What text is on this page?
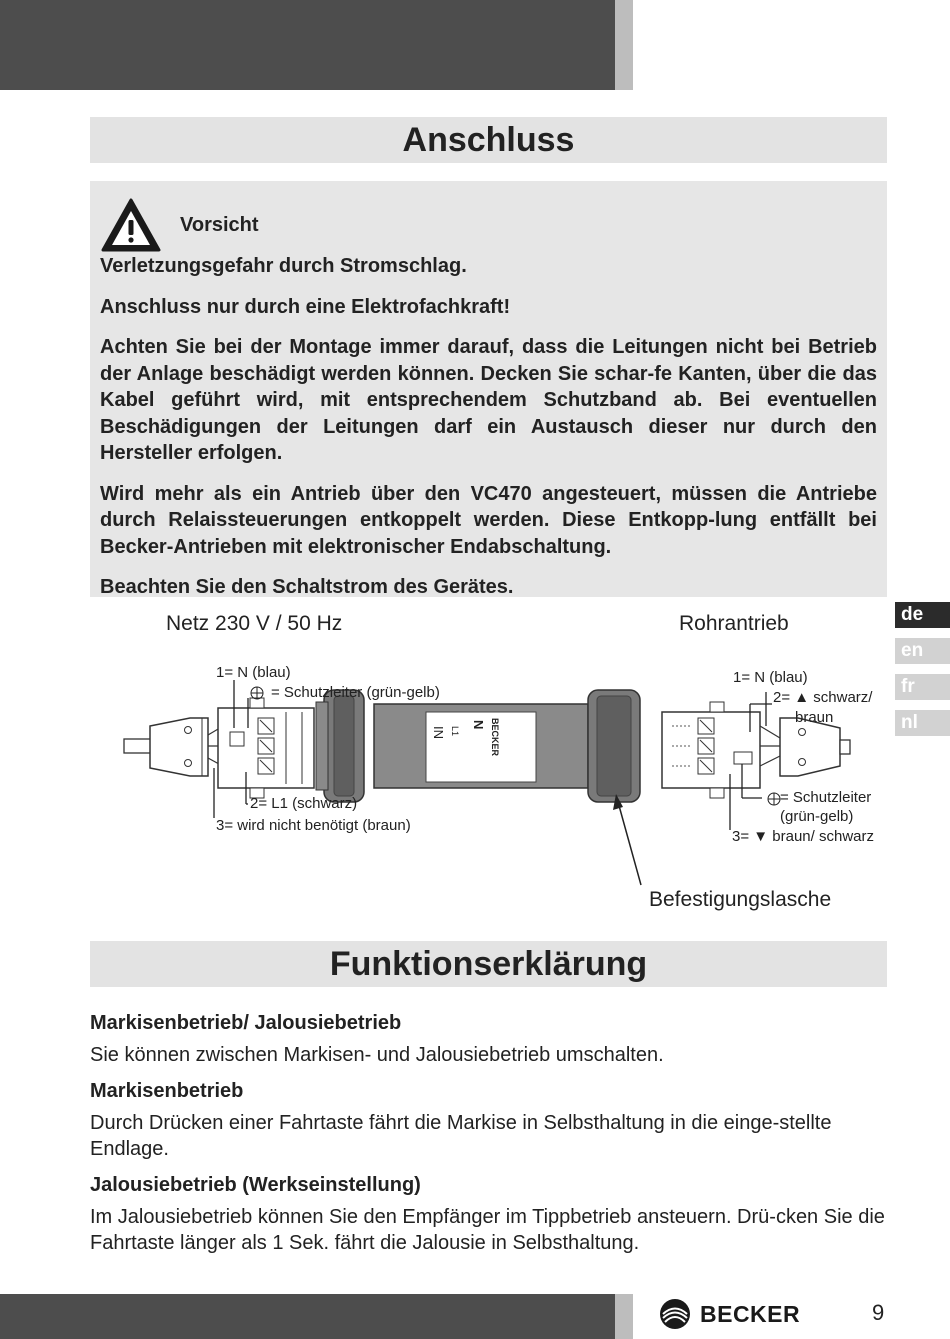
Anschluss
Vorsicht

Verletzungsgefahr durch Stromschlag.

Anschluss nur durch eine Elektrofachkraft!

Achten Sie bei der Montage immer darauf, dass die Leitungen nicht bei Betrieb der Anlage beschädigt werden können. Decken Sie schar-fe Kanten, über die das Kabel geführt wird, mit entsprechendem Schutzband ab. Bei eventuellen Beschädigungen der Leitungen darf ein Austausch dieser nur durch den Hersteller erfolgen.

Wird mehr als ein Antrieb über den VC470 angesteuert, müssen die Antriebe durch Relaissteuerungen entkoppelt werden. Diese Entkopp-lung entfällt bei Becker-Antrieben mit elektronischer Endabschaltung.

Beachten Sie den Schaltstrom des Gerätes.

de
en
fr
nl
BECKER
N
L1
IN
Netz 230 V / 50 Hz	Rohrantrieb
1= N (blau)
= Schutzleiter (grün-gelb)
2= L1 (schwarz)
3= wird nicht benötigt (braun)
1= N (blau)
2= ▲ schwarz/
braun
= Schutzleiter
(grün-gelb)
3= ▼ braun/ schwarz
Befestigungslasche
Funktionserklärung
Markisenbetrieb/ Jalousiebetrieb

Sie können zwischen Markisen- und Jalousiebetrieb umschalten.

Markisenbetrieb

Durch Drücken einer Fahrtaste fährt die Markise in Selbsthaltung in die einge-stellte Endlage.

Jalousiebetrieb (Werkseinstellung)

Im Jalousiebetrieb können Sie den Empfänger im Tippbetrieb ansteuern. Drü-cken Sie die Fahrtaste länger als 1 Sek. fährt die Jalousie in Selbsthaltung.

BECKER	9
